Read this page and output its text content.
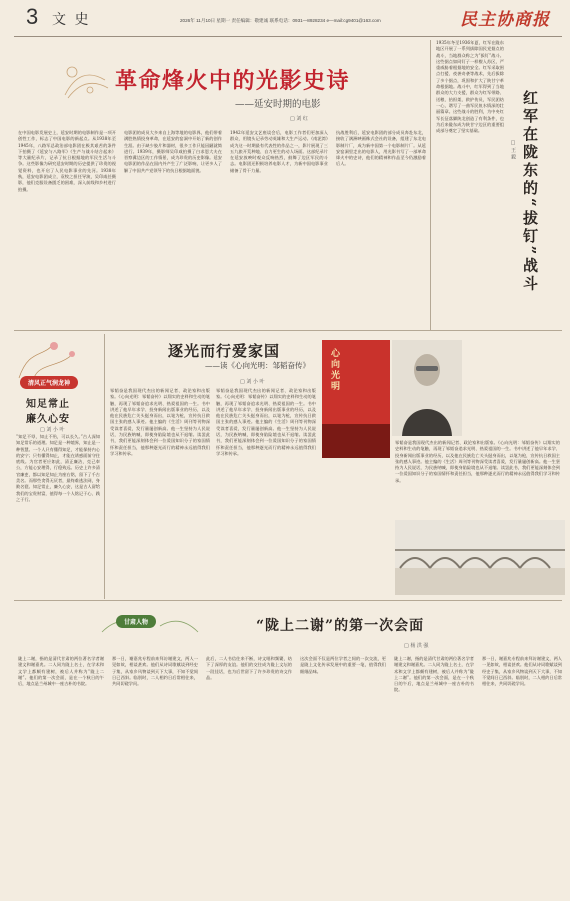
3 文 史	2026年 11月10日 星期一 责任编辑：敬建诚 联系电话：0931—8928234 e—mail:cg9401@163.com	民主协商报
革命烽火中的光影史诗
——延安时期的电影
□ 刘 红
在中国电影发展史上，延安时期的电影制作是一项开创性工作，标志了中国电影的新起点。从1938年至1945年，八路军总政治部电影团在极其艰苦的条件下拍摄了《延安与八路军》《生产与战斗结合起来》等大量纪录片，记录了抗日根据地的军民生活与斗争。这些影像为研究延安时期的历史提供了珍贵的视觉资料，也开启了人民电影事业的先河。1938年秋，延安电影团成立，袁牧之担任导演，吴印咸任摄影，他们克服设备匮乏的困难，深入前线和乡村进行拍摄。
电影团的成员大多来自上海等地的电影界，他们带着满腔热情投身革命，在延安的窑洞中开始了新的创作生涯。由于缺少胶片和器材，很多工作只能因陋就简进行。1939年，摄影师吴印咸拍摄了白求恩大夫在晋察冀边区的工作情景，成为珍贵的历史影像。延安电影团的作品在国内外产生了广泛影响，让更多人了解了中国共产党领导下的抗日根据地面貌。
1942年延安文艺座谈会后，电影工作者们更加深入群众，用镜头记录劳动英雄和大生产运动。《南泥湾》成为这一时期最有代表性的作品之一，影片展现了三五九旅开荒种地、自力更生的动人场面。这部纪录片在延安放映时观众反响热烈，鼓舞了边区军民的斗志。电影团还积极培养电影人才，为新中国电影事业储备了骨干力量。
抗战胜利后，延安电影团的部分成员奔赴东北，接收了满洲映画株式会社的设备，组建了东北电影制片厂，成为新中国第一个电影制片厂。从延安窑洞里走出的电影人，用光影书写了一部革命烽火中的史诗，他们的精神和作品至今仍激励着后人。
1935年冬至1936年夏，红军在陇东地区开展了一系列拔除国民党据点的战斗，当地群众称之为“拔钉”战斗。这些据点如同钉子一样楔入苏区，严重威胁着根据地的安全。红军采取围点打援、夜袭奇袭等战术，先后拔除了多个据点，巩固和扩大了陕甘宁革命根据地。战斗中，红军得到了当地群众的大力支援，群众为红军带路、送粮、抬担架、救护伤员，军民团结一心，谱写了一曲军民鱼水情深的壮丽篇章。这些战斗的胜利，为中央红军长征落脚陕北创造了有利条件，也为后来陇东成为陕甘宁边区的重要组成部分奠定了坚实基础。	红军在陇东的“拔钉”战斗
□ 王 毅
清风正气润龙神
知足常止
廉久心安
□ 刘 小 叶
“知足不辱，知止不殆，可以长久。”古人深知知足常乐的道理。知足是一种境界，知止是一种智慧。一个人只有懂得知足，才能保持内心的安宁；只有懂得知止，才能在诱惑面前守住底线。为官者更应如此，清正廉洁，克己奉公，方能心安理得，行稳致远。历史上许多清官廉吏，都以知足知止为座右铭，留下了千古美名。而那些贪得无厌者，最终难逃法网，身败名裂。知足常止，廉久心安，这是古人留给我们的宝贵财富，值得每一个人铭记于心、践之于行。
逐光而行爱家国
——读《心向光明：邹韬奋传》
□ 刘 小 叶
邹韬奋是我国现代杰出的新闻记者、政论家和出版家。《心向光明：邹韬奋传》以翔实的史料和生动的笔触，再现了邹韬奋追求光明、热爱祖国的一生。书中讲述了他早年求学、投身新闻出版事业的经历，以及他在民族危亡关头挺身而出，以笔为枪，宣传抗日救国主张的感人事迹。他主编的《生活》周刊等刊物深受读者喜爱，发行量屡创新高。他一生坚持为人民说话，为民族呐喊，即使身陷险境也从不退缩。读罢此书，我们更能深刻体会到一位爱国知识分子的家国情怀和责任担当，他那种逐光而行的精神永远值得我们学习和传承。
邹韬奋是我国现代杰出的新闻记者、政论家和出版家。《心向光明：邹韬奋传》以翔实的史料和生动的笔触，再现了邹韬奋追求光明、热爱祖国的一生。书中讲述了他早年求学、投身新闻出版事业的经历，以及他在民族危亡关头挺身而出，以笔为枪，宣传抗日救国主张的感人事迹。他主编的《生活》周刊等刊物深受读者喜爱，发行量屡创新高。他一生坚持为人民说话，为民族呐喊，即使身陷险境也从不退缩。读罢此书，我们更能深刻体会到一位爱国知识分子的家国情怀和责任担当，他那种逐光而行的精神永远值得我们学习和传承。
邹韬奋是我国现代杰出的新闻记者、政论家和出版家。《心向光明：邹韬奋传》以翔实的史料和生动的笔触，再现了邹韬奋追求光明、热爱祖国的一生。书中讲述了他早年求学、投身新闻出版事业的经历，以及他在民族危亡关头挺身而出，以笔为枪，宣传抗日救国主张的感人事迹。他主编的《生活》周刊等刊物深受读者喜爱，发行量屡创新高。他一生坚持为人民说话，为民族呐喊，即使身陷险境也从不退缩。读罢此书，我们更能深刻体会到一位爱国知识分子的家国情怀和责任担当，他那种逐光而行的精神永远值得我们学习和传承。
心向光明
甘肃人物	“陇上二谢”的第一次会面
□ 杨 洪 强
陇上二谢，指的是清代甘肃的两位著名学者谢建文和谢嘉兆。二人同为陇上名士，在学术和文学上都颇有建树，被后人并称为“陇上二谢”。他们的第一次会面，是在一个秋日的午后，地点是兰州城中一座古朴的书院。
那一日，谢嘉兆专程前来拜访谢建文，两人一见如故，相谈甚欢。他们从诗词歌赋谈到经史子集，从家乡风物谈到天下大事，不知不觉间日已西斜。临别时，二人相约日后常相往来，共同切磋学问。
此后，二人书信往来不断，诗文唱和频繁，结下了深厚的友谊。他们的交往成为陇上文坛的一段佳话，也为后世留下了许多珍贵的诗文作品。
这次会面不仅是两位学者之间的一次交流，更是陇上文化传承发展中的重要一笔，值得我们细细品味。
陇上二谢，指的是清代甘肃的两位著名学者谢建文和谢嘉兆。二人同为陇上名士，在学术和文学上都颇有建树，被后人并称为“陇上二谢”。他们的第一次会面，是在一个秋日的午后，地点是兰州城中一座古朴的书院。
那一日，谢嘉兆专程前来拜访谢建文，两人一见如故，相谈甚欢。他们从诗词歌赋谈到经史子集，从家乡风物谈到天下大事，不知不觉间日已西斜。临别时，二人相约日后常相往来，共同切磋学问。
